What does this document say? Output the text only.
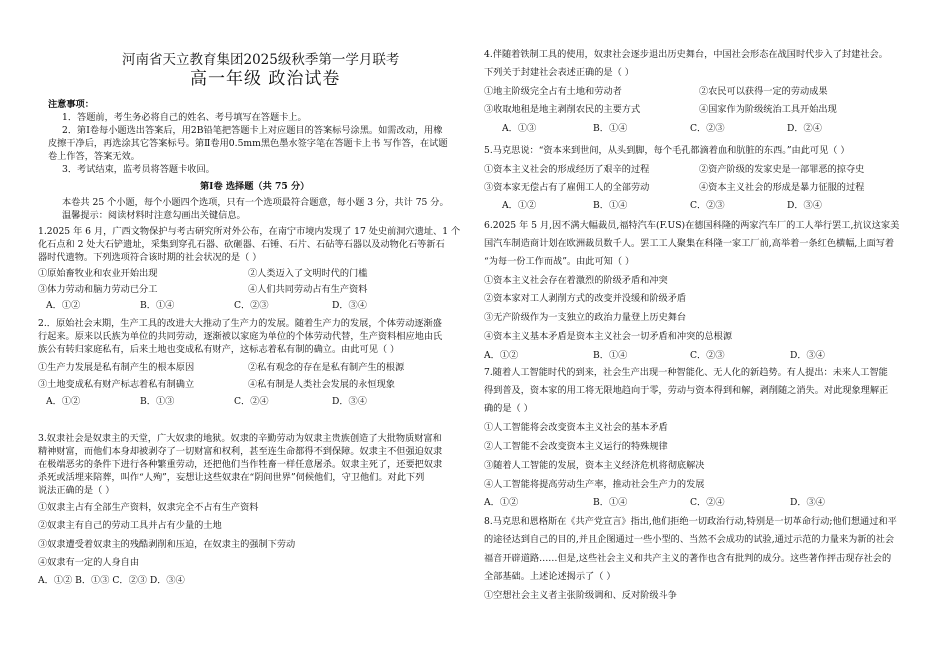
河南省天立教育集团2025级秋季第一学月联考
高一年级 政治试卷
注意事项：
1．答题前，考生务必将自己的姓名、考号填写在答题卡上。
2．第Ⅰ卷每小题选出答案后，用2B铅笔把答题卡上对应题目的答案标号涂黑。如需改动，用橡
皮擦干净后，再选涂其它答案标号。第Ⅱ卷用0.5mm黑色墨水签字笔在答题卡上书 写作答，在试题
卷上作答，答案无效。
3．考试结束，监考员将答题卡收回。
第Ⅰ卷 选择题（共 75 分）
本卷共 25 个小题，每个小题四个选项，只有一个选项最符合题意，每小题 3 分，共计 75 分。
温馨提示：阅读材料时注意勾画出关键信息。
1.2025 年 6 月，广西文物保护与考古研究所对外公布，在南宁市境内发现了 17 处史前洞穴遗址、1 个
化石点和 2 处大石铲遗址，采集到穿孔石器、砍砸器、石锤、石片、石砧等石器以及动物化石等新石
器时代遗物。下列选项符合该时期的社会状况的是（ ）
①原始畜牧业和农业开始出现	②人类迈入了文明时代的门槛
③体力劳动和脑力劳动已分工	④人们共同劳动占有生产资料
A．①②	B．①④	C．②③	D．③④
2.．原始社会末期，生产工具的改进大大推动了生产力的发展。随着生产力的发展，个体劳动逐渐盛
行起来。原来以氏族为单位的共同劳动，逐渐被以家庭为单位的个体劳动代替，生产资料相应地由氏
族公有转归家庭私有，后来土地也变成私有财产，这标志着私有制的确立。由此可见（ ）
①生产力发展是私有制产生的根本原因	②私有观念的存在是私有制产生的根源
③土地变成私有财产标志着私有制确立	④私有制是人类社会发展的永恒现象
A．①②	B．①③	C．②④	D．③④
3.奴隶社会是奴隶主的天堂，广大奴隶的地狱。奴隶的辛勤劳动为奴隶主贵族创造了大批物质财富和
精神财富，而他们本身却被剥夺了一切财富和权利，甚至连生命都得不到保障。奴隶主不但强迫奴隶
在极端恶劣的条件下进行各种繁重劳动，还把他们当作牲畜一样任意屠杀。奴隶主死了，还要把奴隶
杀死或活埋来陪葬，叫作“人殉”，妄想让这些奴隶在“阴间世界”伺候他们，守卫他们。对此下列
说法正确的是（ ）
①奴隶主占有全部生产资料，奴隶完全不占有生产资料
②奴隶主有自己的劳动工具并占有少量的土地
③奴隶遭受着奴隶主的残酷剥削和压迫，在奴隶主的强制下劳动
④奴隶有一定的人身自由
A．①② B．①③ C．②③ D．③④
4.伴随着铁制工具的使用，奴隶社会逐步退出历史舞台，中国社会形态在战国时代步入了封建社会。
下列关于封建社会表述正确的是（ ）
①地主阶级完全占有土地和劳动者	②农民可以获得一定的劳动成果
③收取地租是地主剥削农民的主要方式	④国家作为阶级统治工具开始出现
A．①③	B．①④	C．②③	D．②④
5.马克思说：“资本来到世间，从头到脚，每个毛孔都滴着血和肮脏的东西。”由此可见（ ）
①资本主义社会的形成经历了艰辛的过程	②资产阶级的发家史是一部罪恶的掠夺史
③资本家无偿占有了雇佣工人的全部劳动	④资本主义社会的形成是暴力征服的过程
A．①②	B．①④	C．②③	D．③④
6.2025 年 5 月,因不满大幅裁员,福特汽车(F.US)在德国科隆的两家汽车厂的工人举行罢工,抗议这家美
国汽车制造商计划在欧洲裁员数千人。罢工工人聚集在科隆一家工厂前,高举着一条红色横幅,上面写着
“为每一份工作而战”。由此可知（ ）
①资本主义社会存在着激烈的阶级矛盾和冲突
②资本家对工人剥削方式的改变并没缓和阶级矛盾
③无产阶级作为一支独立的政治力量登上历史舞台
④资本主义基本矛盾是资本主义社会一切矛盾和冲突的总根源
A．①②	B．①④	C．②③	D．③④
7.随着人工智能时代的到来，社会生产出现一种智能化、无人化的新趋势。有人提出：未来人工智能
得到普及，资本家的用工将无限地趋向于零，劳动与资本得到和解，剥削随之消失。对此现象理解正
确的是（ ）
①人工智能将会改变资本主义社会的基本矛盾
②人工智能不会改变资本主义运行的特殊规律
③随着人工智能的发展，资本主义经济危机将彻底解决
④人工智能将提高劳动生产率，推动社会生产力的发展
A．①②	B．①④	C．②④	D．③④
8.马克思和恩格斯在《共产党宣言》指出,他们拒绝一切政治行动,特别是一切革命行动;他们想通过和平
的途径达到自己的目的,并且企图通过一些小型的、当然不会成功的试验,通过示范的力量来为新的社会
福音开辟道路……但是,这些社会主义和共产主义的著作也含有批判的成分。这些著作抨击现存社会的
全部基础。上述论述揭示了（ ）
①空想社会主义者主张阶级调和、反对阶级斗争
